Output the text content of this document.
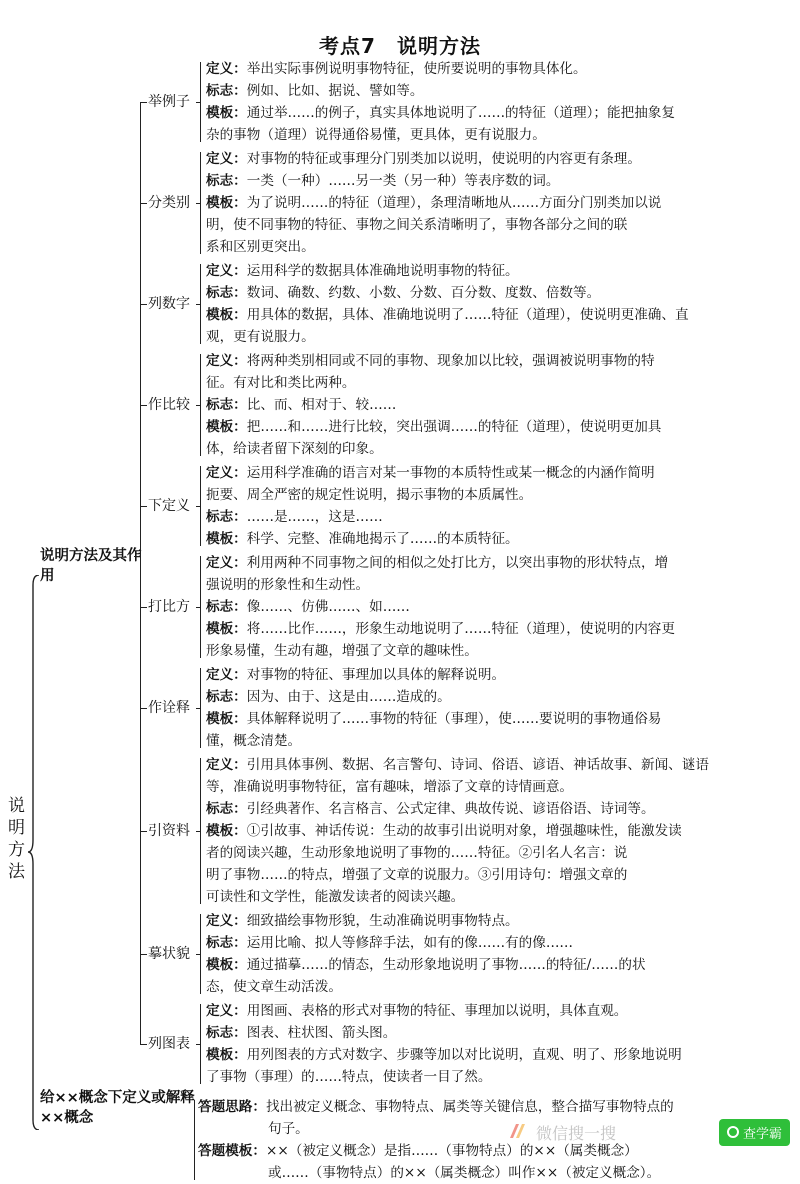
考点7　说明方法
说明方法
说明方法及其作用
给××概念下定义或解释××概念
举例子
定义：举出实际事例说明事物特征，使所要说明的事物具体化。
标志：例如、比如、据说、譬如等。
模板：通过举……的例子，真实具体地说明了……的特征（道理）；能把抽象复
杂的事物（道理）说得通俗易懂，更具体，更有说服力。
分类别
定义：对事物的特征或事理分门别类加以说明，使说明的内容更有条理。
标志：一类（一种）……另一类（另一种）等表序数的词。
模板：为了说明……的特征（道理），条理清晰地从……方面分门别类加以说
明，使不同事物的特征、事物之间关系清晰明了，事物各部分之间的联
系和区别更突出。
列数字
定义：运用科学的数据具体准确地说明事物的特征。
标志：数词、确数、约数、小数、分数、百分数、度数、倍数等。
模板：用具体的数据，具体、准确地说明了……特征（道理），使说明更准确、直
观，更有说服力。
作比较
定义：将两种类别相同或不同的事物、现象加以比较，强调被说明事物的特
征。有对比和类比两种。
标志：比、而、相对于、较……
模板：把……和……进行比较，突出强调……的特征（道理），使说明更加具
体，给读者留下深刻的印象。
下定义
定义：运用科学准确的语言对某一事物的本质特性或某一概念的内涵作简明
扼要、周全严密的规定性说明，揭示事物的本质属性。
标志：……是……，这是……
模板：科学、完整、准确地揭示了……的本质特征。
打比方
定义：利用两种不同事物之间的相似之处打比方，以突出事物的形状特点，增
强说明的形象性和生动性。
标志：像……、仿佛……、如……
模板：将……比作……，形象生动地说明了……特征（道理），使说明的内容更
形象易懂，生动有趣，增强了文章的趣味性。
作诠释
定义：对事物的特征、事理加以具体的解释说明。
标志：因为、由于、这是由……造成的。
模板：具体解释说明了……事物的特征（事理），使……要说明的事物通俗易
懂，概念清楚。
引资料
定义：引用具体事例、数据、名言警句、诗词、俗语、谚语、神话故事、新闻、谜语
等，准确说明事物特征，富有趣味，增添了文章的诗情画意。
标志：引经典著作、名言格言、公式定律、典故传说、谚语俗语、诗词等。
模板：①引故事、神话传说：生动的故事引出说明对象，增强趣味性，能激发读
者的阅读兴趣，生动形象地说明了事物的……特征。②引名人名言：说
明了事物……的特点，增强了文章的说服力。③引用诗句：增强文章的
可读性和文学性，能激发读者的阅读兴趣。
摹状貌
定义：细致描绘事物形貌，生动准确说明事物特点。
标志：运用比喻、拟人等修辞手法，如有的像……有的像……
模板：通过描摹……的情态，生动形象地说明了事物……的特征/……的状
态，使文章生动活泼。
列图表
定义：用图画、表格的形式对事物的特征、事理加以说明，具体直观。
标志：图表、柱状图、箭头图。
模板：用列图表的方式对数字、步骤等加以对比说明，直观、明了、形象地说明
了事物（事理）的……特点，使读者一目了然。
答题思路：找出被定义概念、事物特点、属类等关键信息，整合描写事物特点的
句子。
答题模板：××（被定义概念）是指……（事物特点）的××（属类概念）
或……（事物特点）的××（属类概念）叫作××（被定义概念）。
微信搜一搜	查学霸
